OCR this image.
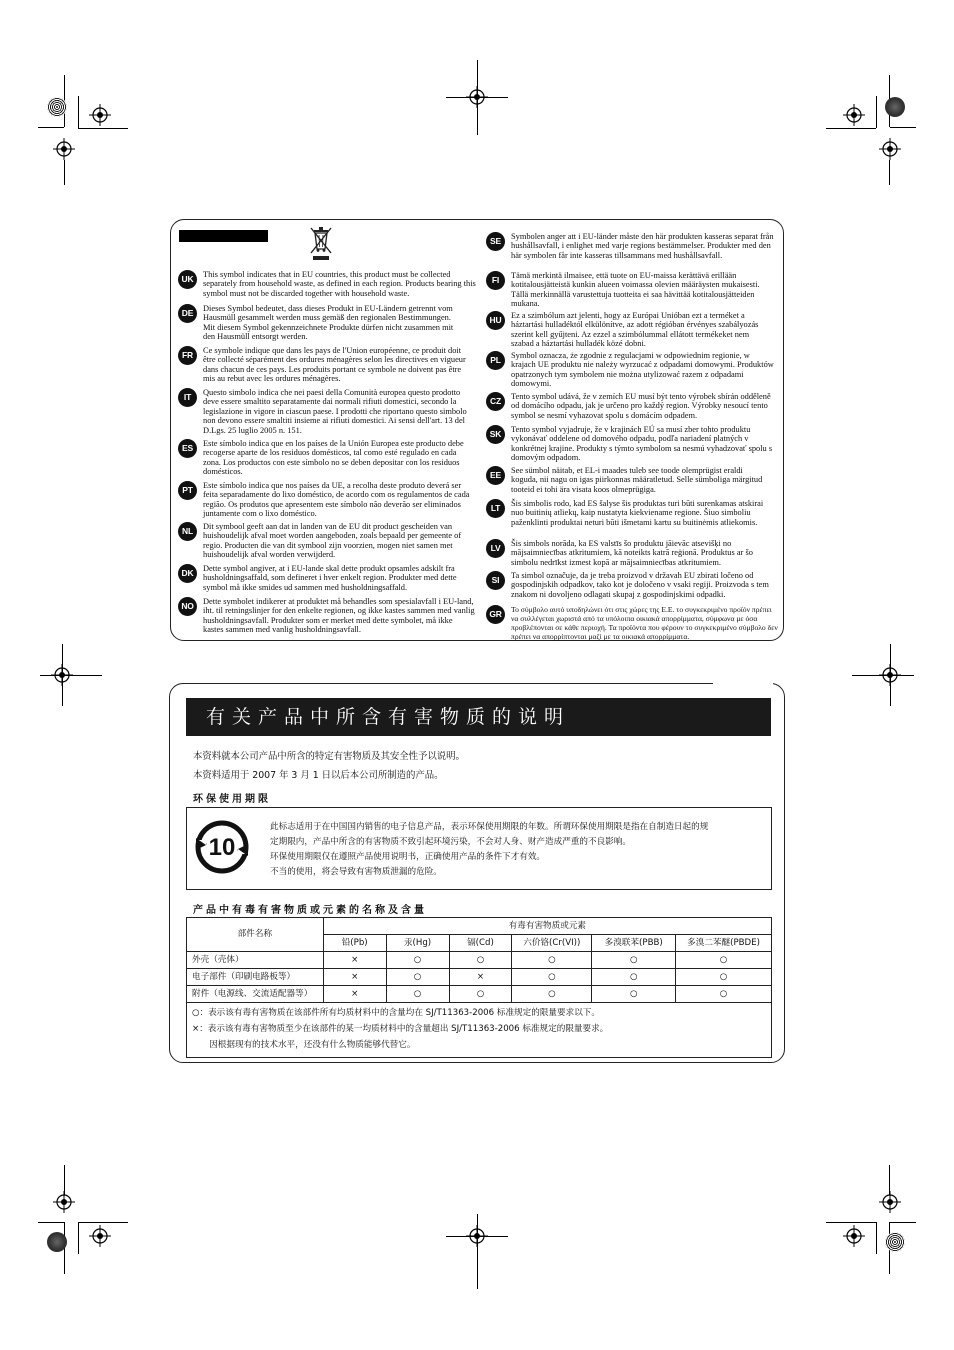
UK	This symbol indicates that in EU countries, this product must be collected separately from household waste, as defined in each region. Products bearing this symbol must not be discarded together with household waste.
DE	Dieses Symbol bedeutet, dass dieses Produkt in EU-Ländern getrennt vom Hausmüll gesammelt werden muss gemäß den regionalen Bestimmungen. Mit diesem Symbol gekennzeichnete Produkte dürfen nicht zusammen mit den Hausmüll entsorgt werden.
FR	Ce symbole indique que dans les pays de l'Union européenne, ce produit doit être collecté séparément des ordures ménagères selon les directives en vigueur dans chacun de ces pays. Les produits portant ce symbole ne doivent pas être mis au rebut avec les ordures ménagères.
IT	Questo simbolo indica che nei paesi della Comunità europea questo prodotto deve essere smaltito separatamente dai normali rifiuti domestici, secondo la legislazione in vigore in ciascun paese. I prodotti che riportano questo simbolo non devono essere smaltiti insieme ai rifiuti domestici. Ai sensi dell'art. 13 del D.Lgs. 25 luglio 2005 n. 151.
ES	Este símbolo indica que en los países de la Unión Europea este producto debe recogerse aparte de los residuos domésticos, tal como esté regulado en cada zona. Los productos con este símbolo no se deben depositar con los residuos domésticos.
PT	Este símbolo indica que nos países da UE, a recolha deste produto deverá ser feita separadamente do lixo doméstico, de acordo com os regulamentos de cada região. Os produtos que apresentem este símbolo não deverão ser eliminados juntamente com o lixo doméstico.
NL	Dit symbool geeft aan dat in landen van de EU dit product gescheiden van huishoudelijk afval moet worden aangeboden, zoals bepaald per gemeente of regio. Producten die van dit symbool zijn voorzien, mogen niet samen met huishoudelijk afval worden verwijderd.
DK	Dette symbol angiver, at i EU-lande skal dette produkt opsamles adskilt fra husholdningsaffald, som defineret i hver enkelt region. Produkter med dette symbol må ikke smides ud sammen med husholdningsaffald.
NO	Dette symbolet indikerer at produktet må behandles som spesialavfall i EU-land, iht. til retningslinjer for den enkelte regionen, og ikke kastes sammen med vanlig husholdningsavfall. Produkter som er merket med dette symbolet, må ikke kastes sammen med vanlig husholdningsavfall.
SE	Symbolen anger att i EU-länder måste den här produkten kasseras separat från hushållsavfall, i enlighet med varje regions bestämmelser. Produkter med den här symbolen får inte kasseras tillsammans med hushållsavfall.
FI	Tämä merkintä ilmaisee, että tuote on EU-maissa kerättävä erillään kotitalousjätteistä kunkin alueen voimassa olevien määräysten mukaisesti. Tällä merkinnällä varustettuja tuotteita ei saa hävittää kotitalousjätteiden mukana.
HU	Ez a szimbólum azt jelenti, hogy az Európai Unióban ezt a terméket a háztartási hulladéktól elkülönítve, az adott régióban érvényes szabályozás szerint kell gyűjteni. Az ezzel a szimbólummal ellátott termékeket nem szabad a háztartási hulladék közé dobni.
PL	Symbol oznacza, że zgodnie z regulacjami w odpowiednim regionie, w krajach UE produktu nie należy wyrzucać z odpadami domowymi. Produktów opatrzonych tym symbolem nie można utylizować razem z odpadami domowymi.
CZ	Tento symbol udává, že v zemích EU musí být tento výrobek sbírán odděleně od domácího odpadu, jak je určeno pro každý region. Výrobky nesoucí tento symbol se nesmí vyhazovat spolu s domácím odpadem.
SK	Tento symbol vyjadruje, že v krajinách EÚ sa musí zber tohto produktu vykonávať oddelene od domového odpadu, podľa nariadení platných v konkrétnej krajine. Produkty s týmto symbolom sa nesmú vyhadzovať spolu s domovým odpadom.
EE	See sümbol näitab, et EL-i maades tuleb see toode olemprügist eraldi koguda, nii nagu on igas piirkonnas määratletud. Selle sümboliga märgitud tooteid ei tohi ära visata koos olmeprügiga.
LT	Šis simbolis rodo, kad ES šalyse šis produktas turi būti surenkamas atskirai nuo buitinių atliekų, kaip nustatyta kiekviename regione. Šiuo simboliu paženklinti produktai neturi būti išmetami kartu su buitinėmis atliekomis.
LV	Šis simbols norāda, ka ES valstīs šo produktu jāievāc atsevišķi no mājsaimniecības atkritumiem, kā noteikts katrā reģionā. Produktus ar šo simbolu nedrīkst izmest kopā ar mājsaimniecības atkritumiem.
SI	Ta simbol označuje, da je treba proizvod v državah EU zbirati ločeno od gospodinjskih odpadkov, tako kot je določeno v vsaki regiji. Proizvoda s tem znakom ni dovoljeno odlagati skupaj z gospodinjskimi odpadki.
GR	Το σύμβολο αυτό υποδηλώνει ότι στις χώρες της Ε.Ε. το συγκεκριμένο προϊόν πρέπει να συλλέγεται χωριστά από τα υπόλοιπα οικιακά απορρίμματα, σύμφωνα με όσα προβλέπονται σε κάθε περιοχή. Τα προϊόντα που φέρουν το συγκεκριμένο σύμβολο δεν πρέπει να απορρίπτονται μαζί με τα οικιακά απορρίμματα.
有关产品中所含有害物质的说明
本资料就本公司产品中所含的特定有害物质及其安全性予以说明。
本资料适用于 2007 年 3 月 1 日以后本公司所制造的产品。
环保使用期限
10
此标志适用于在中国国内销售的电子信息产品，表示环保使用期限的年数。所谓环保使用期限是指在自制造日起的规
定期限内，产品中所含的有害物质不致引起环境污染，不会对人身、财产造成严重的不良影响。
环保使用期限仅在遵照产品使用说明书，正确使用产品的条件下才有效。
不当的使用，将会导致有害物质泄漏的危险。
产品中有毒有害物质或元素的名称及含量
部件名称	有毒有害物质或元素					
	铅(Pb)	汞(Hg)	镉(Cd)	六价铬(Cr(VI))	多溴联苯(PBB)	多溴二苯醚(PBDE)
外壳（壳体）	×	○	○	○	○	○
电子部件（印刷电路板等）	×	○	×	○	○	○
附件（电源线、交流适配器等）	×	○	○	○	○	○

○：表示该有毒有害物质在该部件所有均质材料中的含量均在 SJ/T11363-2006 标准规定的限量要求以下。
×：表示该有毒有害物质至少在该部件的某一均质材料中的含量超出 SJ/T11363-2006 标准规定的限量要求。
　　因根据现有的技术水平，还没有什么物质能够代替它。						
